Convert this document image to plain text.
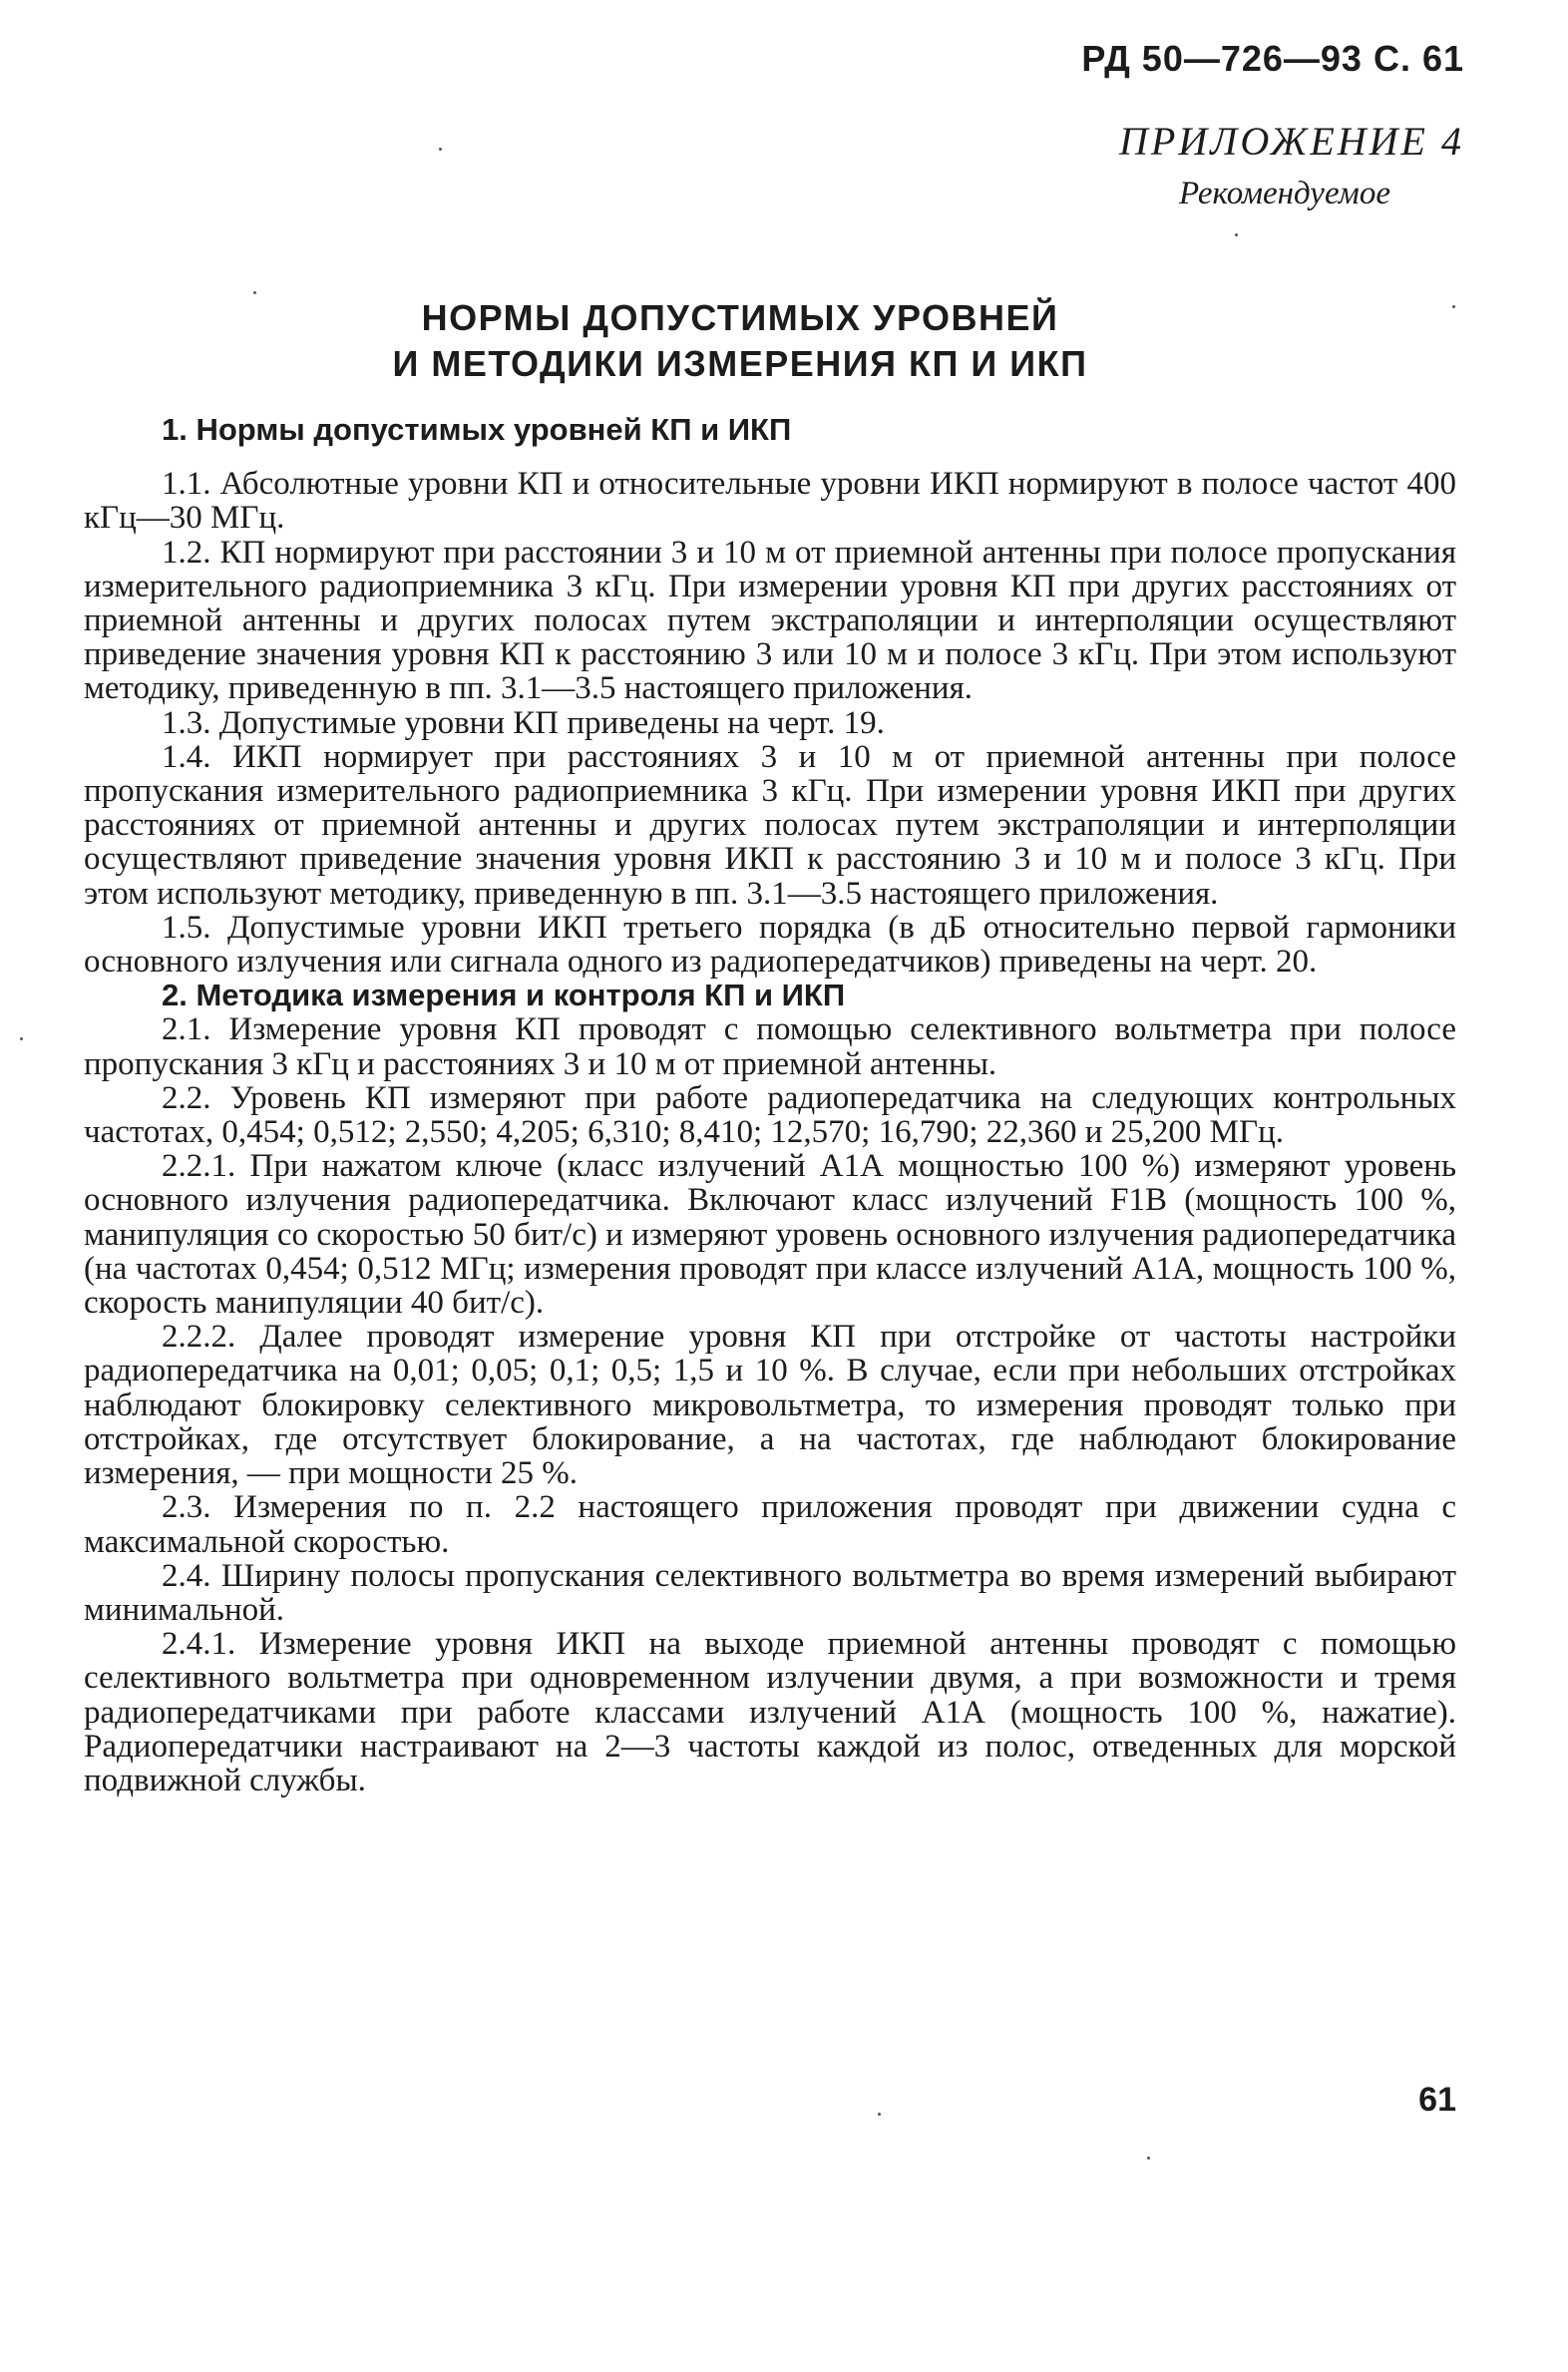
РД 50—726—93 С. 61
ПРИЛОЖЕНИЕ 4
Рекомендуемое
НОРМЫ ДОПУСТИМЫХ УРОВНЕЙ
И МЕТОДИКИ ИЗМЕРЕНИЯ КП И ИКП
1. Нормы допустимых уровней КП и ИКП

1.1. Абсолютные уровни КП и относительные уровни ИКП нормируют в полосе частот 400 кГц—30 МГц.

1.2. КП нормируют при расстоянии 3 и 10 м от приемной антенны при полосе пропускания измерительного радиоприемника 3 кГц. При измерении уровня КП при других расстояниях от приемной антенны и других полосах путем экстраполяции и интерполяции осуществляют приведение значения уровня КП к расстоянию 3 или 10 м и полосе 3 кГц. При этом используют методику, приведенную в пп. 3.1—3.5 настоящего приложения.

1.3. Допустимые уровни КП приведены на черт. 19.

1.4. ИКП нормирует при расстояниях 3 и 10 м от приемной антенны при полосе пропускания измерительного радиоприемника 3 кГц. При измерении уровня ИКП при других расстояниях от приемной антенны и других полосах путем экстраполяции и интерполяции осуществляют приведение значения уровня ИКП к расстоянию 3 и 10 м и полосе 3 кГц. При этом используют методику, приведенную в пп. 3.1—3.5 настоящего приложения.

1.5. Допустимые уровни ИКП третьего порядка (в дБ относительно первой гармоники основного излучения или сигнала одного из радиопередатчиков) приведены на черт. 20.

2. Методика измерения и контроля КП и ИКП

2.1. Измерение уровня КП проводят с помощью селективного вольтметра при полосе пропускания 3 кГц и расстояниях 3 и 10 м от приемной антенны.

2.2. Уровень КП измеряют при работе радиопередатчика на следующих контрольных частотах, 0,454; 0,512; 2,550; 4,205; 6,310; 8,410; 12,570; 16,790; 22,360 и 25,200 МГц.

2.2.1. При нажатом ключе (класс излучений А1А мощностью 100 %) измеряют уровень основного излучения радиопередатчика. Включают класс излучений F1B (мощность 100 %, манипуляция со скоростью 50 бит/с) и измеряют уровень основного излучения радиопередатчика (на частотах 0,454; 0,512 МГц; измерения проводят при классе излучений А1А, мощность 100 %, скорость манипуляции 40 бит/с).

2.2.2. Далее проводят измерение уровня КП при отстройке от частоты настройки радиопередатчика на 0,01; 0,05; 0,1; 0,5; 1,5 и 10 %. В случае, если при небольших отстройках наблюдают блокировку селективного микровольтметра, то измерения проводят только при отстройках, где отсутствует блокирование, а на частотах, где наблюдают блокирование измерения, — при мощности 25 %.

2.3. Измерения по п. 2.2 настоящего приложения проводят при движении судна с максимальной скоростью.

2.4. Ширину полосы пропускания селективного вольтметра во время измерений выбирают минимальной.

2.4.1. Измерение уровня ИКП на выходе приемной антенны проводят с помощью селективного вольтметра при одновременном излучении двумя, а при возможности и тремя радиопередатчиками при работе классами излучений А1А (мощность 100 %, нажатие). Радиопередатчики настраивают на 2—3 частоты каждой из полос, отведенных для морской подвижной службы.

61
